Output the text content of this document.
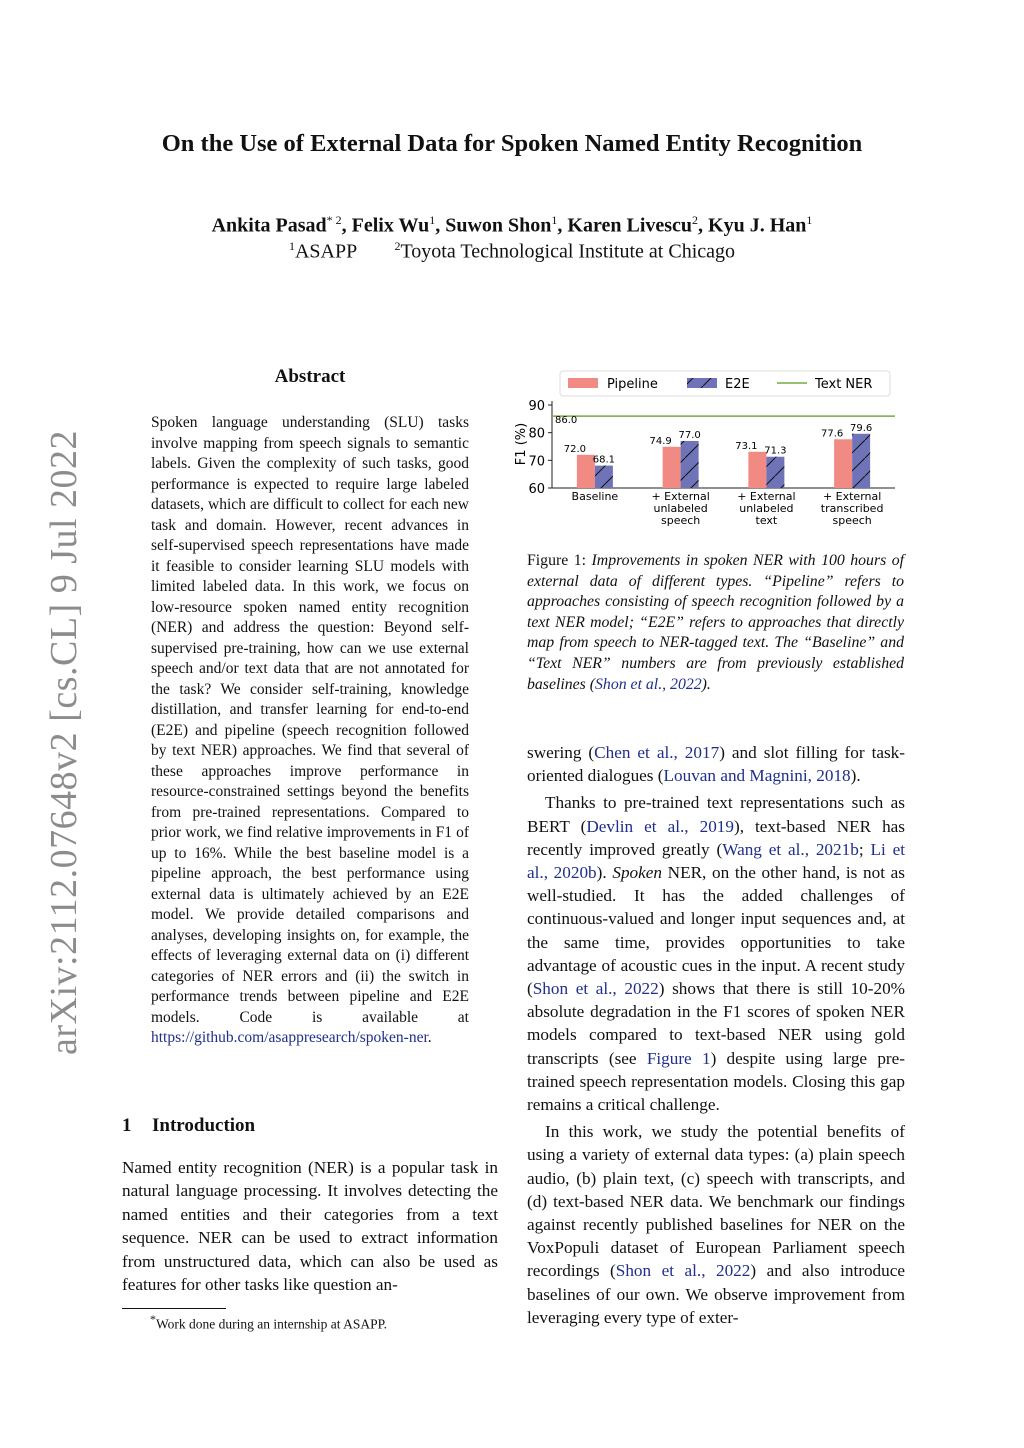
arXiv:2112.07648v2 [cs.CL] 9 Jul 2022
On the Use of External Data for Spoken Named Entity Recognition
Ankita Pasad$^{* 2}$, Felix Wu$^1$, Suwon Shon$^1$, Karen Livescu$^2$, Kyu J. Han$^1$
$^1$ASAPP	$^2$Toyota Technological Institute at Chicago
Abstract
Spoken language understanding (SLU) tasks involve mapping from speech signals to semantic labels. Given the complexity of such tasks, good performance is expected to require large labeled datasets, which are difficult to collect for each new task and domain. However, recent advances in self-supervised speech representations have made it feasible to consider learning SLU models with limited labeled data. In this work, we focus on low-resource spoken named entity recognition (NER) and address the question: Beyond self-supervised pre-training, how can we use external speech and/or text data that are not annotated for the task? We consider self-training, knowledge distillation, and transfer learning for end-to-end (E2E) and pipeline (speech recognition followed by text NER) approaches. We find that several of these approaches improve performance in resource-constrained settings beyond the benefits from pre-trained representations. Compared to prior work, we find relative improvements in F1 of up to 16%. While the best baseline model is a pipeline approach, the best performance using external data is ultimately achieved by an E2E model. We provide detailed comparisons and analyses, developing insights on, for example, the effects of leveraging external data on (i) different categories of NER errors and (ii) the switch in performance trends between pipeline and E2E models. Code is available at https://github.com/asappresearch/spoken-ner.
1 Introduction
Named entity recognition (NER) is a popular task in natural language processing. It involves detecting the named entities and their categories from a text sequence. NER can be used to extract information from unstructured data, which can also be used as features for other tasks like question an-
*Work done during an internship at ASAPP.
Pipeline	E2E	Text NER
F1 (%)
60
70
80
90
86.0
72.0
68.1
Baseline
74.9
77.0
+ External
unlabeled
speech
73.1 71.3
+ External
unlabeled
text
77.6
79.6
+ External
transcribed
speech
Figure 1: Improvements in spoken NER with 100 hours of external data of different types. “Pipeline” refers to approaches consisting of speech recognition followed by a text NER model; “E2E” refers to approaches that directly map from speech to NER-tagged text. The “Baseline” and “Text NER” numbers are from previously established baselines (Shon et al., 2022).

swering (Chen et al., 2017) and slot filling for task-oriented dialogues (Louvan and Magnini, 2018).

Thanks to pre-trained text representations such as BERT (Devlin et al., 2019), text-based NER has recently improved greatly (Wang et al., 2021b; Li et al., 2020b). Spoken NER, on the other hand, is not as well-studied. It has the added challenges of continuous-valued and longer input sequences and, at the same time, provides opportunities to take advantage of acoustic cues in the input. A recent study (Shon et al., 2022) shows that there is still 10-20% absolute degradation in the F1 scores of spoken NER models compared to text-based NER using gold transcripts (see Figure 1) despite using large pre-trained speech representation models. Closing this gap remains a critical challenge.

In this work, we study the potential benefits of using a variety of external data types: (a) plain speech audio, (b) plain text, (c) speech with transcripts, and (d) text-based NER data. We benchmark our findings against recently published baselines for NER on the VoxPopuli dataset of European Parliament speech recordings (Shon et al., 2022) and also introduce baselines of our own. We observe improvement from leveraging every type of exter-
